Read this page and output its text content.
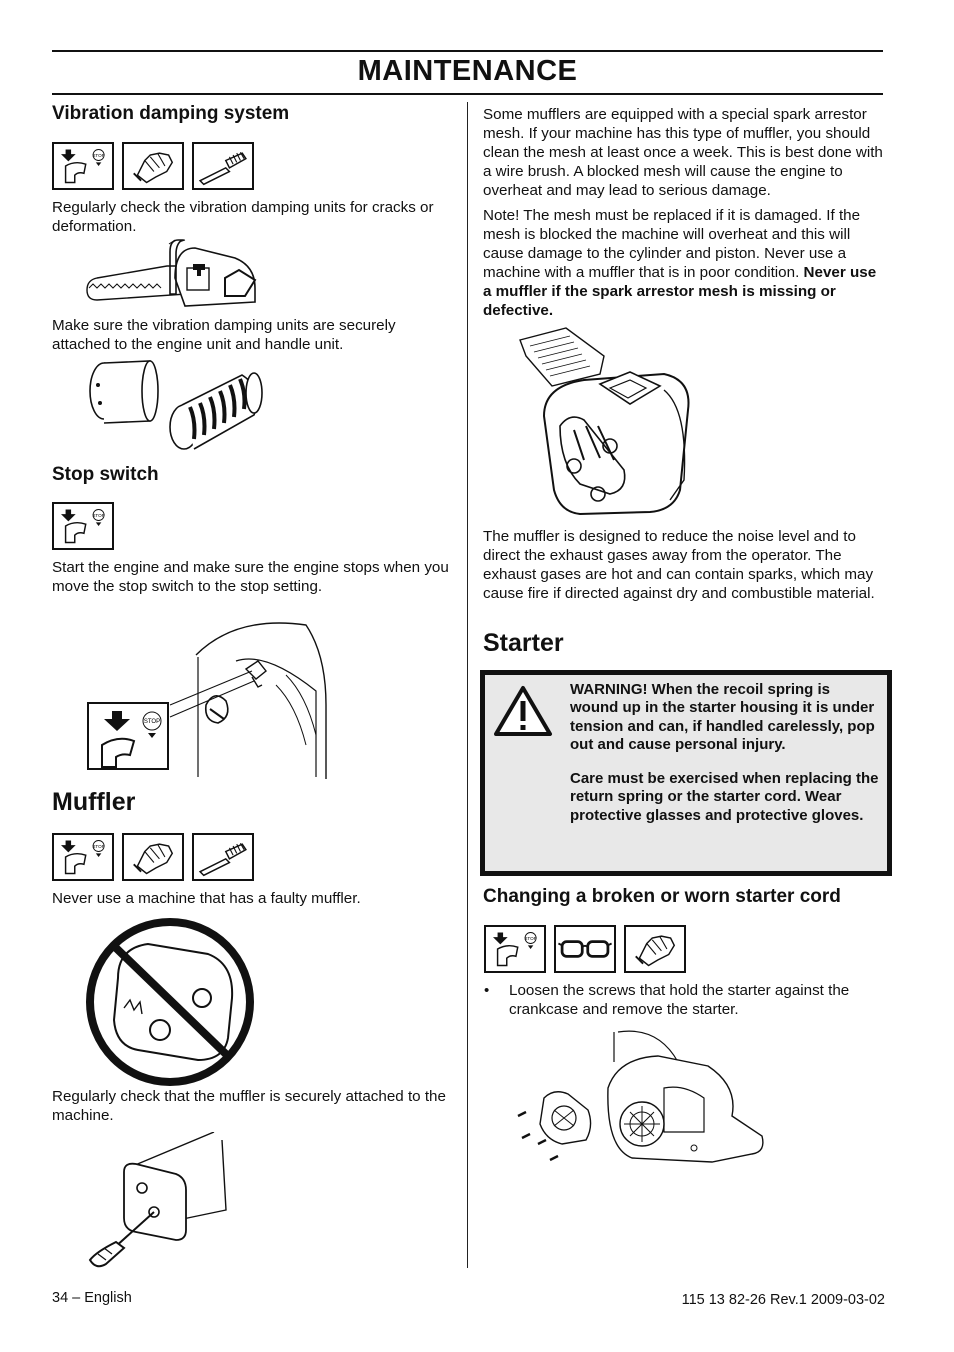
MAINTENANCE
Vibration damping system
STOP
Regularly check the vibration damping units for cracks or deformation.
Make sure the vibration damping units are securely attached to the engine unit and handle unit.
Stop switch
STOP
Start the engine and make sure the engine stops when you move the stop switch to the stop setting.
STOP
Muffler
STOP
Never use a machine that has a faulty muffler.
Regularly check that the muffler is securely attached to the machine.
Some mufflers are equipped with a special spark arrestor mesh. If your machine has this type of muffler, you should clean the mesh at least once a week. This is best done with a wire brush. A blocked mesh will cause the engine to overheat and may lead to serious damage.
Note! The mesh must be replaced if it is damaged. If the mesh is blocked the machine will overheat and this will cause damage to the cylinder and piston. Never use a machine with a muffler that is in poor condition. Never use a muffler if the spark arrestor mesh is missing or defective.
The muffler is designed to reduce the noise level and to direct the exhaust gases away from the operator. The exhaust gases are hot and can contain sparks, which may cause fire if directed against dry and combustible material.
Starter

WARNING! When the recoil spring is wound up in the starter housing it is under tension and can, if handled carelessly, pop out and cause personal injury.

Care must be exercised when replacing the return spring or the starter cord. Wear protective glasses and protective gloves.

Changing a broken or worn starter cord
STOP
• Loosen the screws that hold the starter against the crankcase and remove the starter.
34 – English	115 13 82-26 Rev.1 2009-03-02
